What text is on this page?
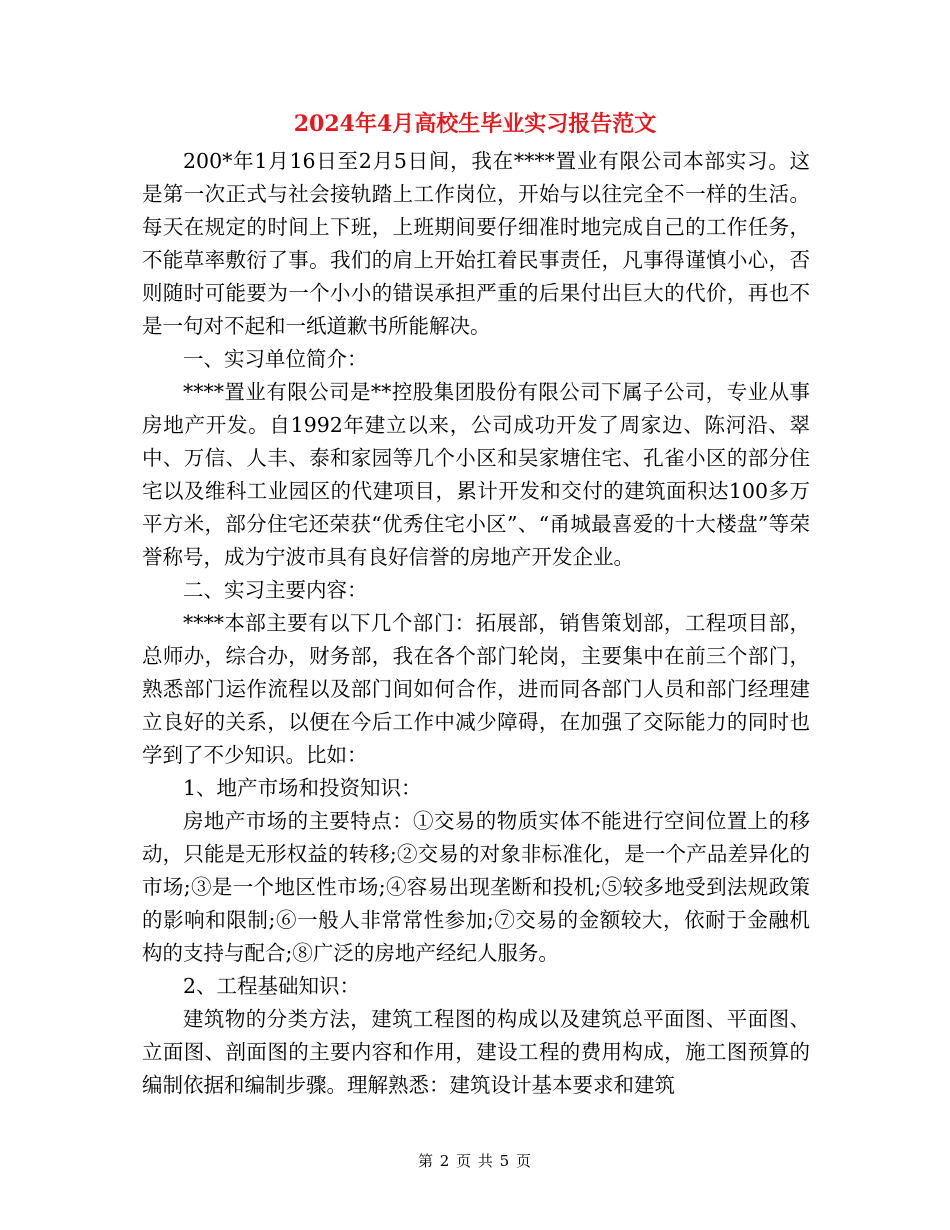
2024年4月高校生毕业实习报告范文

200*年1月16日至2月5日间，我在****置业有限公司本部实习。这是第一次正式与社会接轨踏上工作岗位，开始与以往完全不一样的生活。每天在规定的时间上下班，上班期间要仔细准时地完成自己的工作任务，不能草率敷衍了事。我们的肩上开始扛着民事责任，凡事得谨慎小心，否则随时可能要为一个小小的错误承担严重的后果付出巨大的代价，再也不是一句对不起和一纸道歉书所能解决。

一、实习单位简介：

****置业有限公司是**控股集团股份有限公司下属子公司，专业从事房地产开发。自1992年建立以来，公司成功开发了周家边、陈河沿、翠中、万信、人丰、泰和家园等几个小区和吴家塘住宅、孔雀小区的部分住宅以及维科工业园区的代建项目，累计开发和交付的建筑面积达100多万平方米，部分住宅还荣获“优秀住宅小区”、“甬城最喜爱的十大楼盘”等荣誉称号，成为宁波市具有良好信誉的房地产开发企业。

二、实习主要内容：

****本部主要有以下几个部门：拓展部，销售策划部，工程项目部，总师办，综合办，财务部，我在各个部门轮岗，主要集中在前三个部门，熟悉部门运作流程以及部门间如何合作，进而同各部门人员和部门经理建立良好的关系，以便在今后工作中减少障碍，在加强了交际能力的同时也学到了不少知识。比如：

1、地产市场和投资知识：

房地产市场的主要特点：①交易的物质实体不能进行空间位置上的移动，只能是无形权益的转移;②交易的对象非标准化，是一个产品差异化的市场;③是一个地区性市场;④容易出现垄断和投机;⑤较多地受到法规政策的影响和限制;⑥一般人非常常性参加;⑦交易的金额较大，依耐于金融机构的支持与配合;⑧广泛的房地产经纪人服务。

2、工程基础知识：

建筑物的分类方法，建筑工程图的构成以及建筑总平面图、平面图、立面图、剖面图的主要内容和作用，建设工程的费用构成，施工图预算的编制依据和编制步骤。理解熟悉：建筑设计基本要求和建筑

第 2 页 共 5 页
